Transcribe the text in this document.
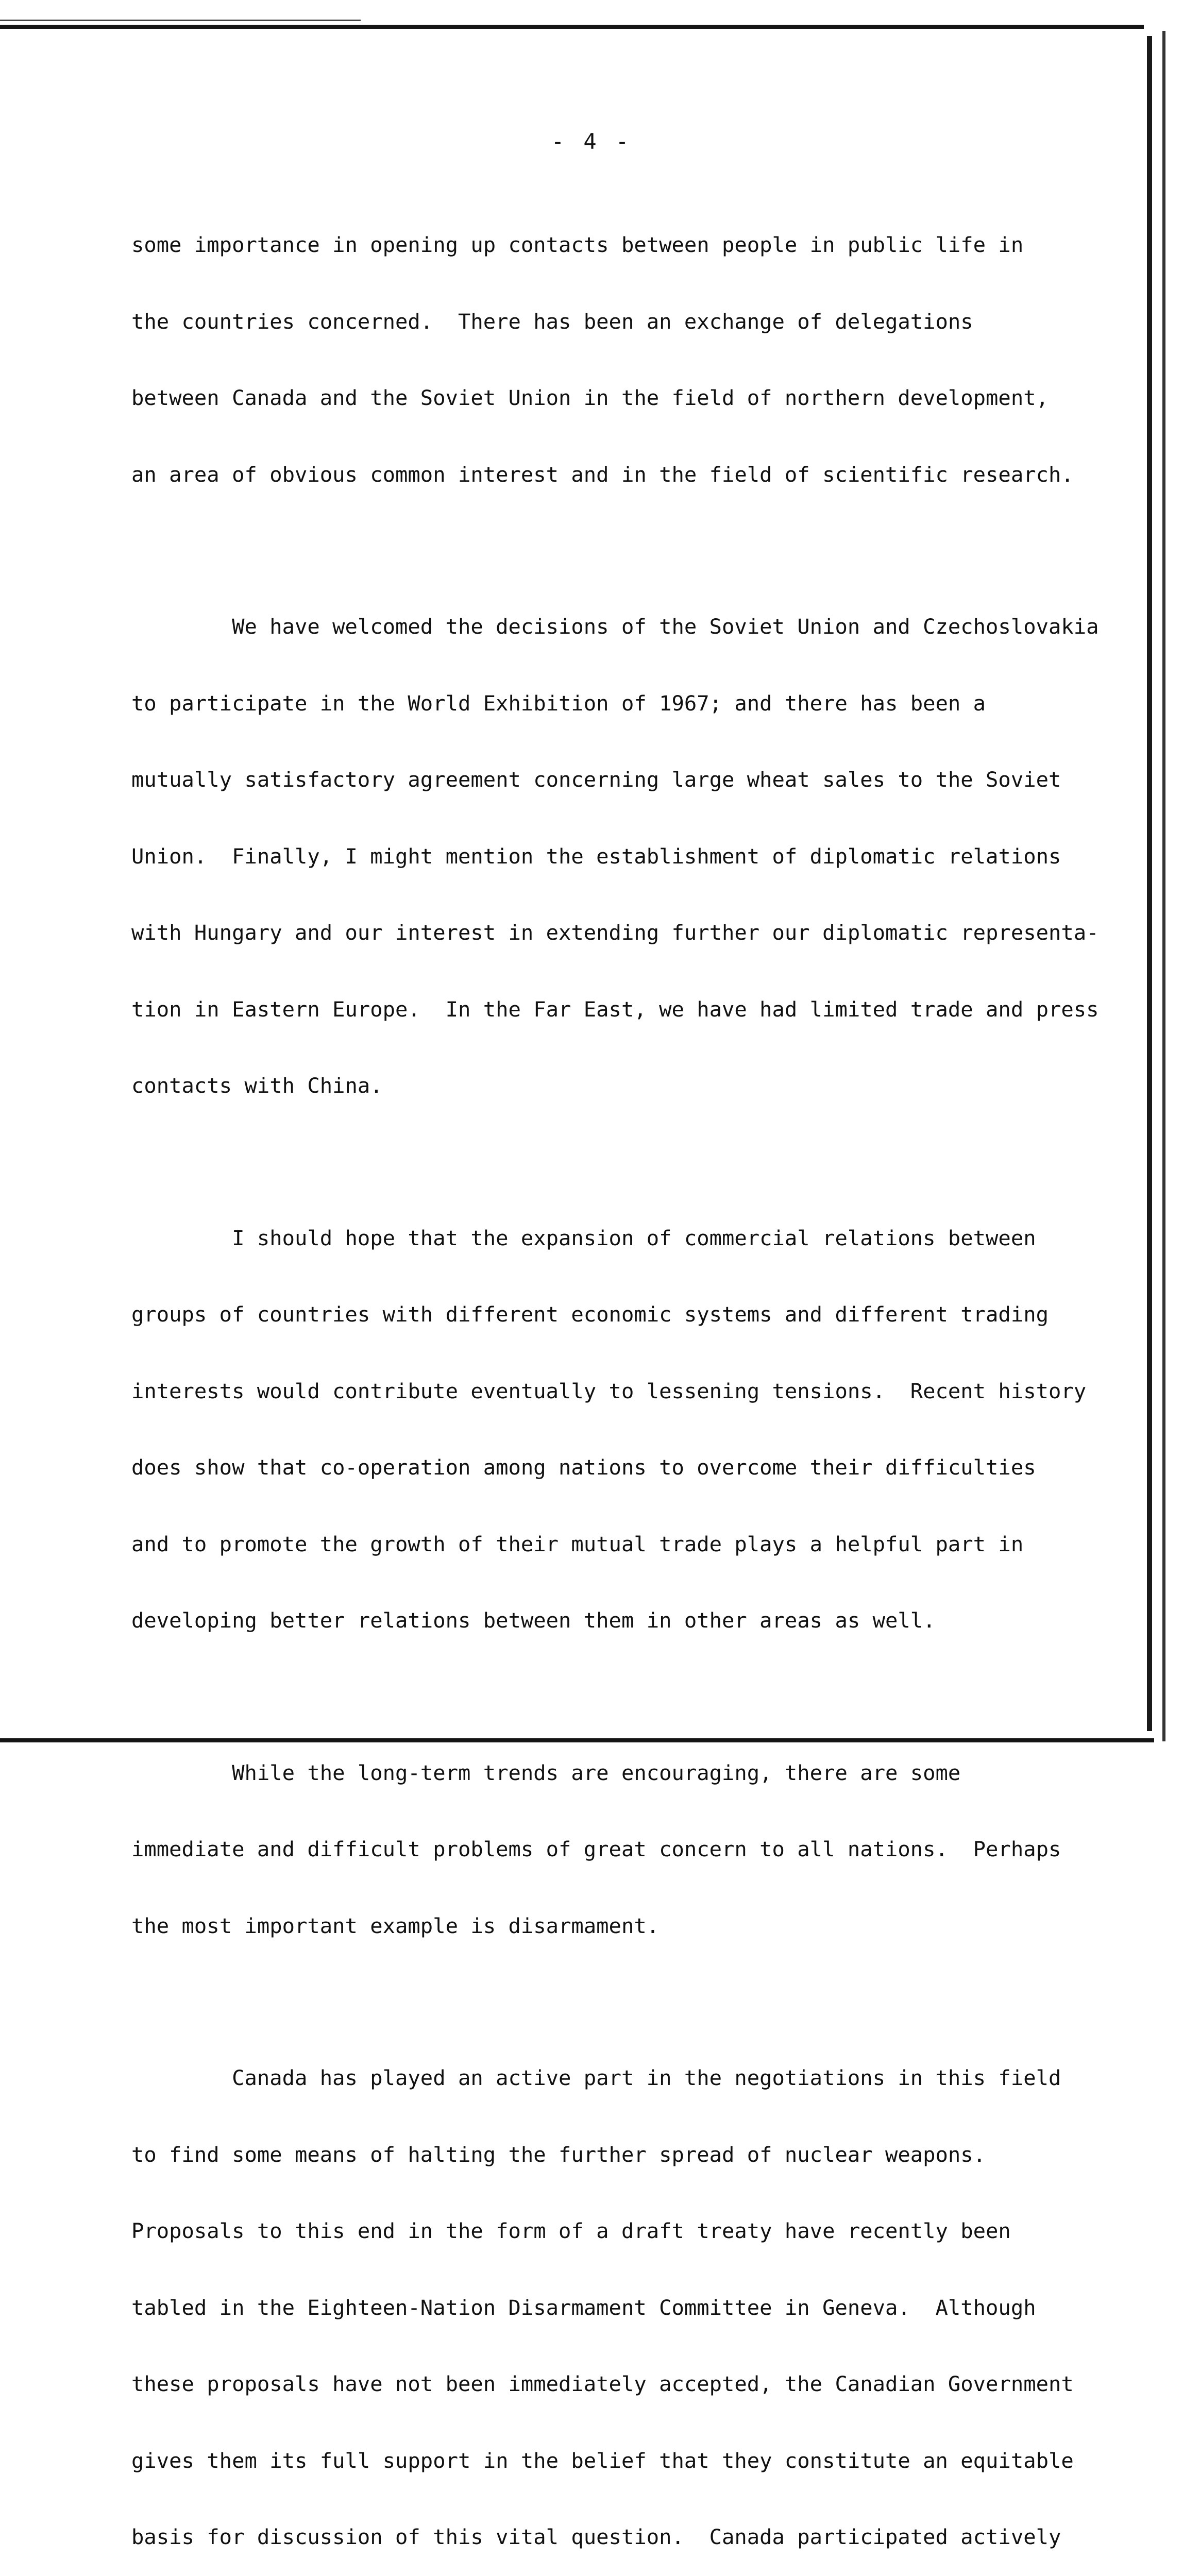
- 4 -

some importance in opening up contacts between people in public life in

the countries concerned.  There has been an exchange of delegations

between Canada and the Soviet Union in the field of northern development,

an area of obvious common interest and in the field of scientific research.

We have welcomed the decisions of the Soviet Union and Czechoslovakia

to participate in the World Exhibition of 1967; and there has been a

mutually satisfactory agreement concerning large wheat sales to the Soviet

Union.  Finally, I might mention the establishment of diplomatic relations

with Hungary and our interest in extending further our diplomatic representa-

tion in Eastern Europe.  In the Far East, we have had limited trade and press

contacts with China.

I should hope that the expansion of commercial relations between

groups of countries with different economic systems and different trading

interests would contribute eventually to lessening tensions.  Recent history

does show that co-operation among nations to overcome their difficulties

and to promote the growth of their mutual trade plays a helpful part in

developing better relations between them in other areas as well.

While the long-term trends are encouraging, there are some

immediate and difficult problems of great concern to all nations.  Perhaps

the most important example is disarmament.

Canada has played an active part in the negotiations in this field

to find some means of halting the further spread of nuclear weapons.

Proposals to this end in the form of a draft treaty have recently been

tabled in the Eighteen-Nation Disarmament Committee in Geneva.  Although

these proposals have not been immediately accepted, the Canadian Government

gives them its full support in the belief that they constitute an equitable

basis for discussion of this vital question.  Canada participated actively
